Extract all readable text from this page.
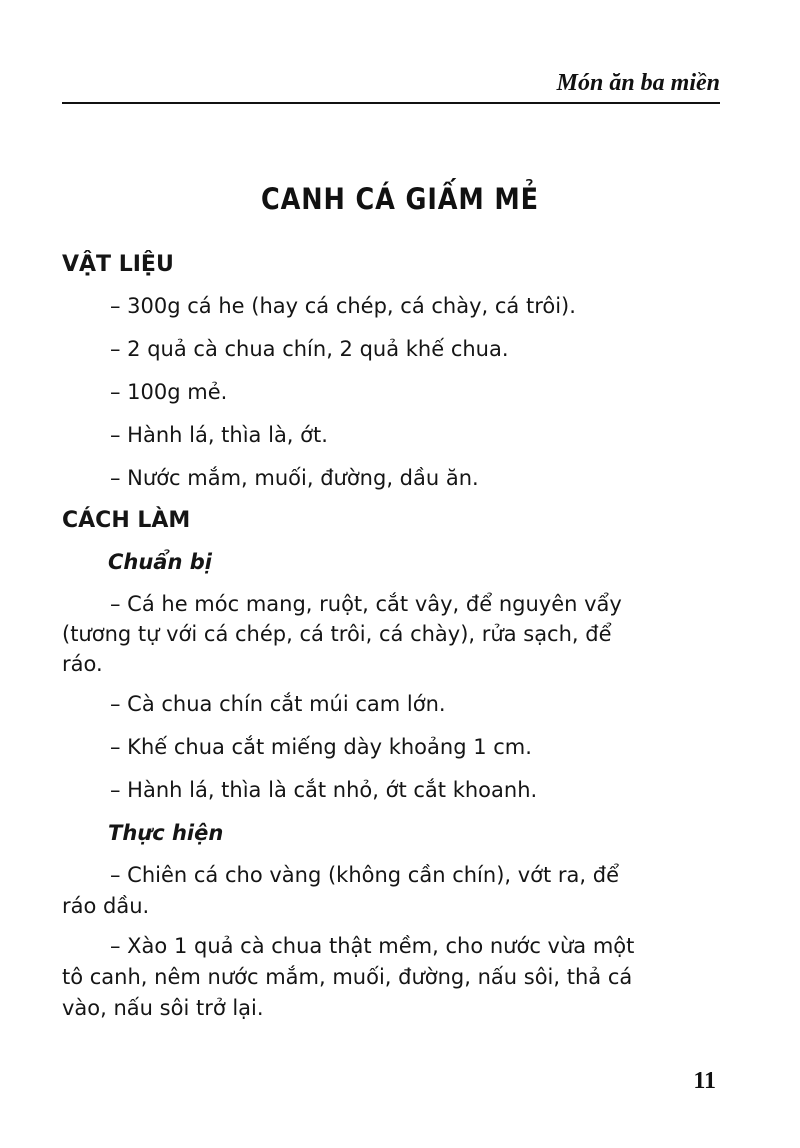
Món ăn ba miền
CANH CÁ GIẤM MẺ
VẬT LIỆU
– 300g cá he (hay cá chép, cá chày, cá trôi).
– 2 quả cà chua chín, 2 quả khế chua.
– 100g mẻ.
– Hành lá, thìa là, ớt.
– Nước mắm, muối, đường, dầu ăn.
CÁCH LÀM
Chuẩn bị
– Cá he móc mang, ruột, cắt vây, để nguyên vẩy
(tương tự với cá chép, cá trôi, cá chày), rửa sạch, để
ráo.
– Cà chua chín cắt múi cam lớn.
– Khế chua cắt miếng dày khoảng 1 cm.
– Hành lá, thìa là cắt nhỏ, ớt cắt khoanh.
Thực hiện
– Chiên cá cho vàng (không cần chín), vớt ra, để
ráo dầu.
– Xào 1 quả cà chua thật mềm, cho nước vừa một
tô canh, nêm nước mắm, muối, đường, nấu sôi, thả cá
vào, nấu sôi trở lại.
11
